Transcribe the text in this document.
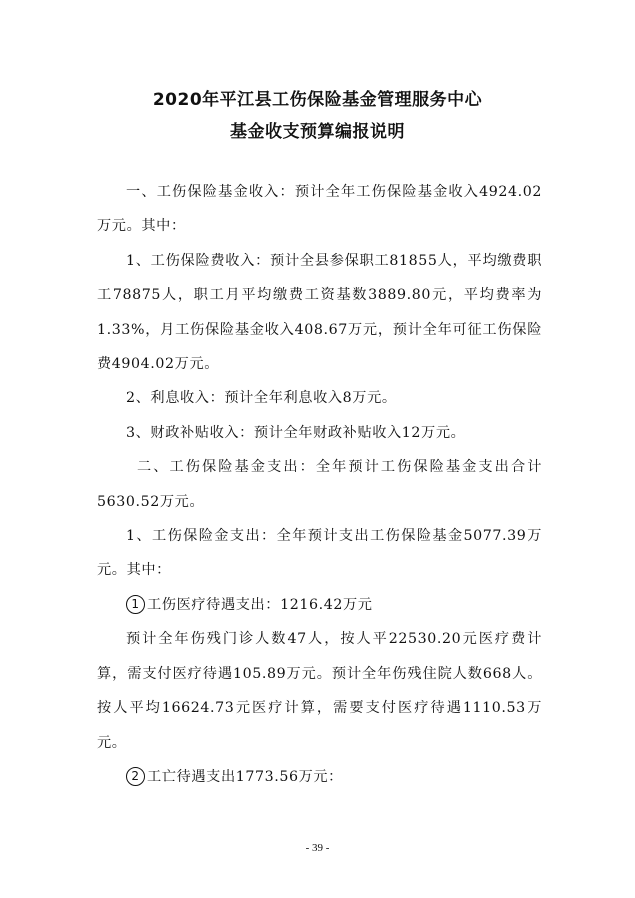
2020年平江县工伤保险基金管理服务中心
基金收支预算编报说明

一、工伤保险基金收入：预计全年工伤保险基金收入4924.02万元。其中：

1、工伤保险费收入：预计全县参保职工81855人，平均缴费职工78875人，职工月平均缴费工资基数3889.80元，平均费率为1.33%，月工伤保险基金收入408.67万元，预计全年可征工伤保险费4904.02万元。

2、利息收入：预计全年利息收入8万元。

3、财政补贴收入：预计全年财政补贴收入12万元。

二、工伤保险基金支出：全年预计工伤保险基金支出合计5630.52万元。

1、工伤保险金支出：全年预计支出工伤保险基金5077.39万元。其中：

1 工伤医疗待遇支出：1216.42万元

预计全年伤残门诊人数47人，按人平22530.20元医疗费计算，需支付医疗待遇105.89万元。预计全年伤残住院人数668人。按人平均16624.73元医疗计算，需要支付医疗待遇1110.53万元。

2 工亡待遇支出1773.56万元：

- 39 -
